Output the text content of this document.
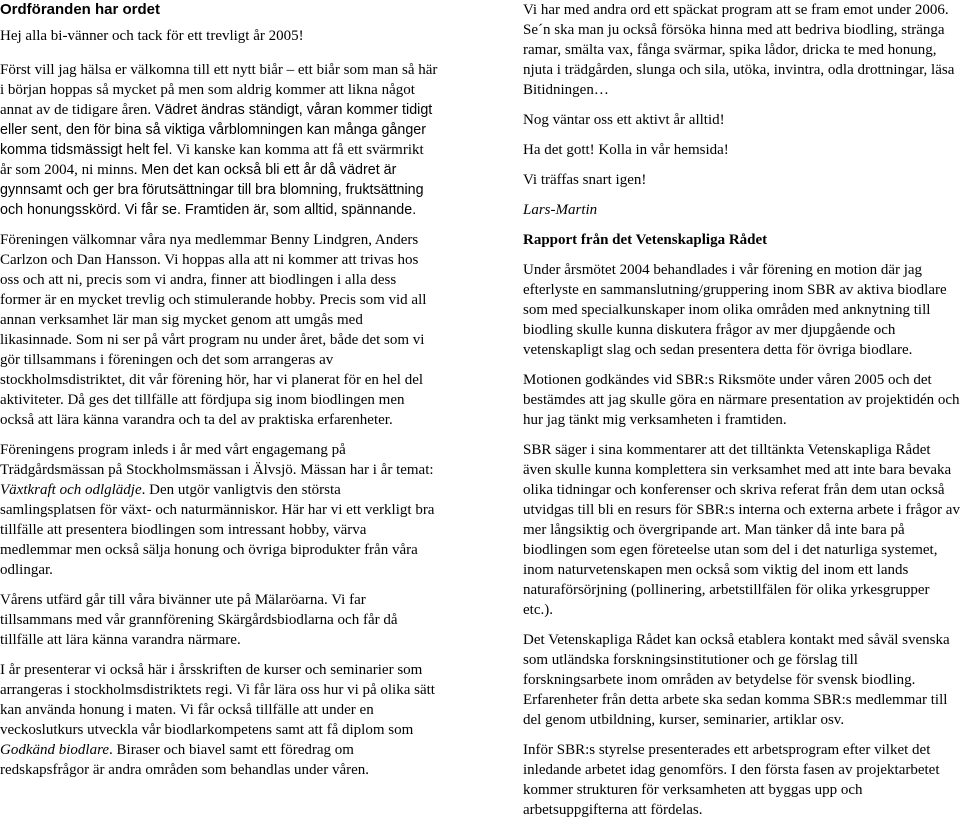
Ordföranden har ordet

Hej alla bi-vänner och tack för ett trevligt år 2005!

Först vill jag hälsa er välkomna till ett nytt biår – ett biår som man så här i början hoppas så mycket på men som aldrig kommer att likna något annat av de tidigare åren. Vädret ändras ständigt, våran kommer tidigt eller sent, den för bina så viktiga vårblomningen kan många gånger komma tidsmässigt helt fel. Vi kanske kan komma att få ett svärmrikt år som 2004, ni minns. Men det kan också bli ett år då vädret är gynnsamt och ger bra förutsättningar till bra blomning, fruktsättning och honungsskörd. Vi får se. Framtiden är, som alltid, spännande.

Föreningen välkomnar våra nya medlemmar Benny Lindgren, Anders Carlzon och Dan Hansson. Vi hoppas alla att ni kommer att trivas hos oss och att ni, precis som vi andra, finner att biodlingen i alla dess former är en mycket trevlig och stimulerande hobby. Precis som vid all annan verksamhet lär man sig mycket genom att umgås med likasinnade. Som ni ser på vårt program nu under året, både det som vi gör tillsammans i föreningen och det som arrangeras av stockholmsdistriktet, dit vår förening hör, har vi planerat för en hel del aktiviteter. Då ges det tillfälle att fördjupa sig inom biodlingen men också att lära känna varandra och ta del av praktiska erfarenheter.

Föreningens program inleds i år med vårt engagemang på Trädgårdsmässan på Stockholmsmässan i Älvsjö. Mässan har i år temat: Växtkraft och odlglädje. Den utgör vanligtvis den största samlingsplatsen för växt- och naturmänniskor. Här har vi ett verkligt bra tillfälle att presentera biodlingen som intressant hobby, värva medlemmar men också sälja honung och övriga biprodukter från våra odlingar.

Vårens utfärd går till våra bivänner ute på Mälaröarna. Vi far tillsammans med vår grannförening Skärgårdsbiodlarna och får då tillfälle att lära känna varandra närmare.

I år presenterar vi också här i årsskriften de kurser och seminarier som arrangeras i stockholmsdistriktets regi. Vi får lära oss hur vi på olika sätt kan använda honung i maten. Vi får också tillfälle att under en veckoslutkurs utveckla vår biodlarkompetens samt att få diplom som Godkänd biodlare. Biraser och biavel samt ett föredrag om redskapsfrågor är andra områden som behandlas under våren.

Vi har med andra ord ett späckat program att se fram emot under 2006. Se´n ska man ju också försöka hinna med att bedriva biodling, stränga ramar, smälta vax, fånga svärmar, spika lådor, dricka te med honung, njuta i trädgården, slunga och sila, utöka, invintra, odla drottningar, läsa Bitidningen…

Nog väntar oss ett aktivt år alltid!

Ha det gott! Kolla in vår hemsida!

Vi träffas snart igen!

Lars-Martin

Rapport från det Vetenskapliga Rådet

Under årsmötet 2004 behandlades i vår förening en motion där jag efterlyste en sammanslutning/gruppering inom SBR av aktiva biodlare som med specialkunskaper inom olika områden med anknytning till biodling skulle kunna diskutera frågor av mer djupgående och vetenskapligt slag och sedan presentera detta för övriga biodlare.

Motionen godkändes vid SBR:s Riksmöte under våren 2005 och det bestämdes att jag skulle göra en närmare presentation av projektidén och hur jag tänkt mig verksamheten i framtiden.

SBR säger i sina kommentarer att det tilltänkta Vetenskapliga Rådet även skulle kunna komplettera sin verksamhet med att inte bara bevaka olika tidningar och konferenser och skriva referat från dem utan också utvidgas till bli en resurs för SBR:s interna och externa arbete i frågor av mer långsiktig och övergripande art. Man tänker då inte bara på biodlingen som egen företeelse utan som del i det naturliga systemet, inom naturvetenskapen men också som viktig del inom ett lands naturaförsörjning (pollinering, arbetstillfälen för olika yrkesgrupper etc.).

Det Vetenskapliga Rådet kan också etablera kontakt med såväl svenska som utländska forskningsinstitutioner och ge förslag till forskningsarbete inom områden av betydelse för svensk biodling. Erfarenheter från detta arbete ska sedan komma SBR:s medlemmar till del genom utbildning, kurser, seminarier, artiklar osv.

Inför SBR:s styrelse presenterades ett arbetsprogram efter vilket det inledande arbetet idag genomförs. I den första fasen av projektarbetet kommer strukturen för verksamheten att byggas upp och arbetsuppgifterna att fördelas.
